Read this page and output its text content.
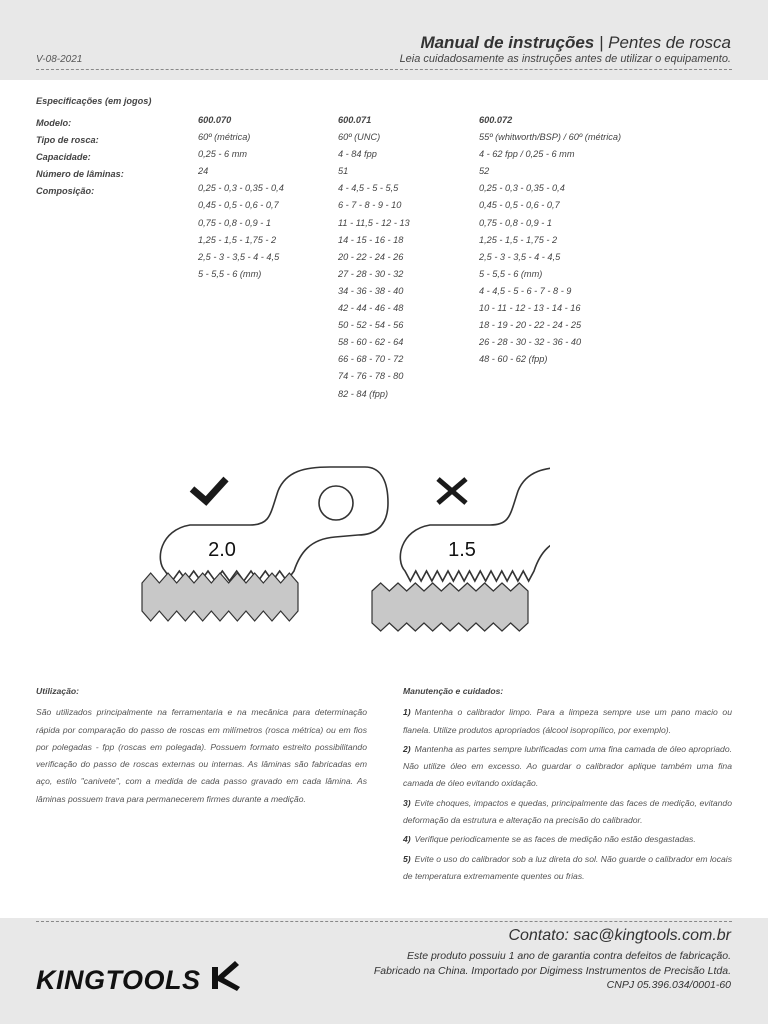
V-08-2021
Manual de instruções | Pentes de rosca
Leia cuidadosamente as instruções antes de utilizar o equipamento.
Especificações (em jogos)
Modelo:
Tipo de rosca:
Capacidade:
Número de lâminas:
Composição:
600.070
60º (métrica)
0,25 - 6 mm
24
0,25 - 0,3 - 0,35 - 0,4
0,45 - 0,5 - 0,6 - 0,7
0,75 - 0,8 - 0,9 - 1
1,25 - 1,5 - 1,75 - 2
2,5 - 3 - 3,5 - 4 - 4,5
5 - 5,5 - 6 (mm)
600.071
60º (UNC)
4 - 84 fpp
51
4 - 4,5 - 5 - 5,5
6 - 7 - 8 - 9 - 10
11 - 11,5 - 12 - 13
14 - 15 - 16 - 18
20 - 22 - 24 - 26
27 - 28 - 30 - 32
34 - 36 - 38 - 40
42 - 44 - 46 - 48
50 - 52 - 54 - 56
58 - 60 - 62 - 64
66 - 68 - 70 - 72
74 - 76 - 78 - 80
82 - 84 (fpp)
600.072
55º (whitworth/BSP) / 60º (métrica)
4 - 62 fpp / 0,25 - 6 mm
52
0,25 - 0,3 - 0,35 - 0,4
0,45 - 0,5 - 0,6 - 0,7
0,75 - 0,8 - 0,9 - 1
1,25 - 1,5 - 1,75 - 2
2,5 - 3 - 3,5 - 4 - 4,5
5 - 5,5 - 6 (mm)
4 - 4,5 - 5 - 6 - 7 - 8 - 9
10 - 11 - 12 - 13 - 14 - 16
18 - 19 - 20 - 22 - 24 - 25
26 - 28 - 30 - 32 - 36 - 40
48 - 60 - 62 (fpp)
2.0	1.5
Utilização:
São utilizados principalmente na ferramentaria e na mecânica para determinação rápida por comparação do passo de roscas em milímetros (rosca métrica) ou em fios por polegadas - fpp (roscas em polegada). Possuem formato estreito possibilitando verificação do passo de roscas externas ou internas. As lâminas são fabricadas em aço, estilo "canivete", com a medida de cada passo gravado em cada lâmina. As lâminas possuem trava para permanecerem firmes durante a medição.
Manutenção e cuidados:
1) Mantenha o calibrador limpo. Para a limpeza sempre use um pano macio ou flanela. Utilize produtos apropriados (álcool isopropílico, por exemplo).
2) Mantenha as partes sempre lubrificadas com uma fina camada de óleo apropriado. Não utilize óleo em excesso. Ao guardar o calibrador aplique também uma fina camada de óleo evitando oxidação.
3) Evite choques, impactos e quedas, principalmente das faces de medição, evitando deformação da estrutura e alteração na precisão do calibrador.
4) Verifique periodicamente se as faces de medição não estão desgastadas.
5) Evite o uso do calibrador sob a luz direta do sol. Não guarde o calibrador em locais de temperatura extremamente quentes ou frias.
Contato: sac@kingtools.com.br
Este produto possuiu 1 ano de garantia contra defeitos de fabricação.
Fabricado na China. Importado por Digimess Instrumentos de Precisão Ltda.
CNPJ 05.396.034/0001-60
KINGTOOLS
